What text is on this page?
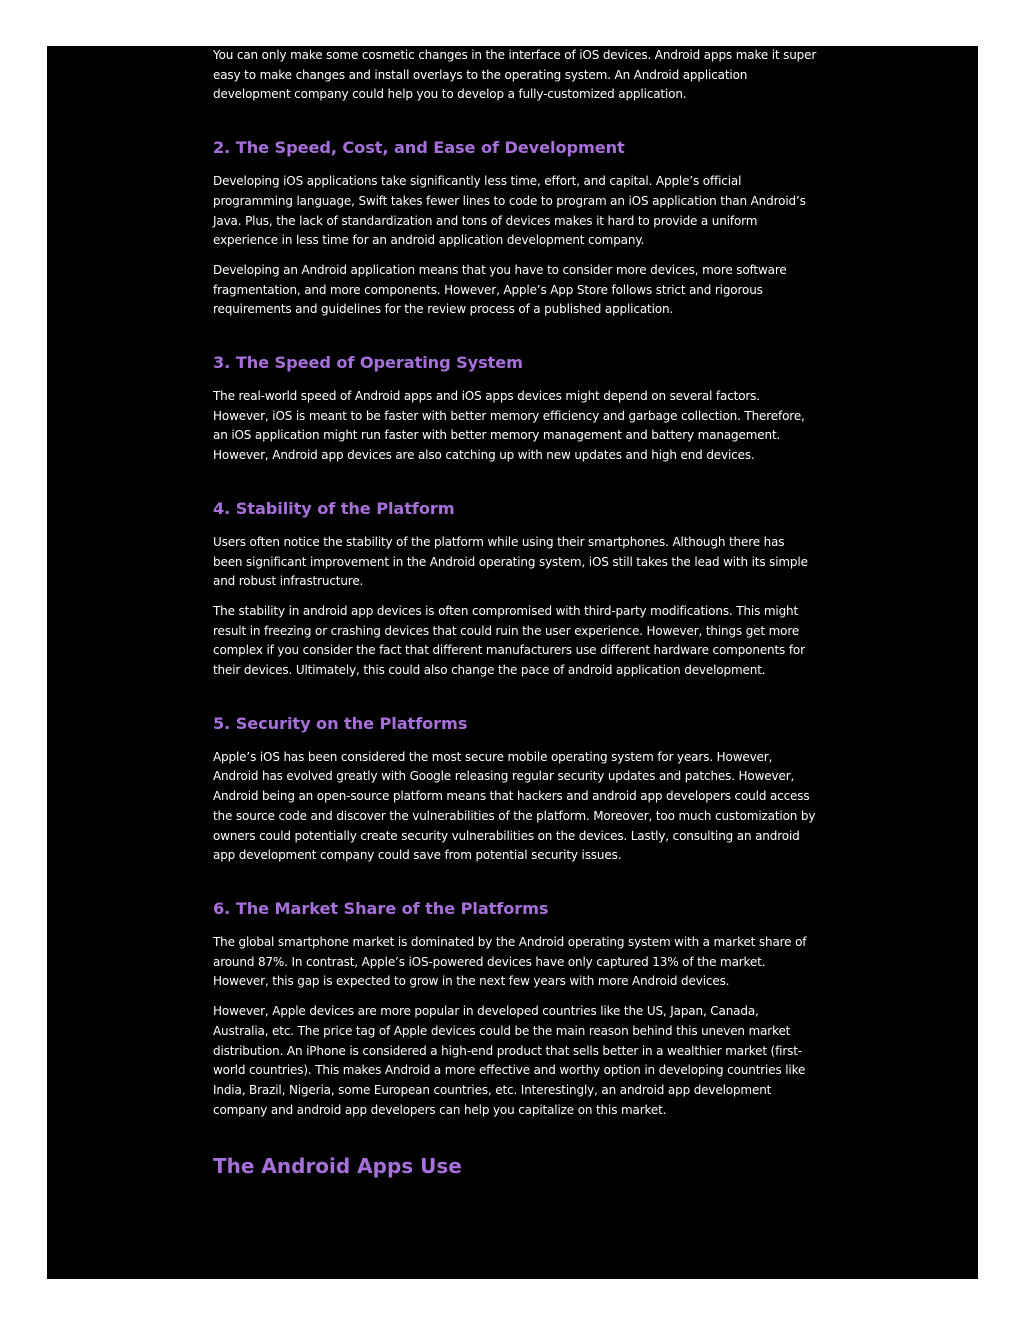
You can only make some cosmetic changes in the interface of iOS devices. Android apps make it super easy to make changes and install overlays to the operating system. An Android application development company could help you to develop a fully-customized application.

2. The Speed, Cost, and Ease of Development

Developing iOS applications take significantly less time, effort, and capital. Apple’s official programming language, Swift takes fewer lines to code to program an iOS application than Android’s Java. Plus, the lack of standardization and tons of devices makes it hard to provide a uniform experience in less time for an android application development company.

Developing an Android application means that you have to consider more devices, more software fragmentation, and more components. However, Apple’s App Store follows strict and rigorous requirements and guidelines for the review process of a published application.

3. The Speed of Operating System

The real-world speed of Android apps and iOS apps devices might depend on several factors. However, iOS is meant to be faster with better memory efficiency and garbage collection. Therefore, an iOS application might run faster with better memory management and battery management. However, Android app devices are also catching up with new updates and high end devices.

4. Stability of the Platform

Users often notice the stability of the platform while using their smartphones. Although there has been significant improvement in the Android operating system, iOS still takes the lead with its simple and robust infrastructure.

The stability in android app devices is often compromised with third-party modifications. This might result in freezing or crashing devices that could ruin the user experience. However, things get more complex if you consider the fact that different manufacturers use different hardware components for their devices. Ultimately, this could also change the pace of android application development.

5. Security on the Platforms

Apple’s iOS has been considered the most secure mobile operating system for years. However, Android has evolved greatly with Google releasing regular security updates and patches. However, Android being an open-source platform means that hackers and android app developers could access the source code and discover the vulnerabilities of the platform. Moreover, too much customization by owners could potentially create security vulnerabilities on the devices. Lastly, consulting an android app development company could save from potential security issues.

6. The Market Share of the Platforms

The global smartphone market is dominated by the Android operating system with a market share of around 87%. In contrast, Apple’s iOS-powered devices have only captured 13% of the market. However, this gap is expected to grow in the next few years with more Android devices.

However, Apple devices are more popular in developed countries like the US, Japan, Canada, Australia, etc. The price tag of Apple devices could be the main reason behind this uneven market distribution. An iPhone is considered a high-end product that sells better in a wealthier market (first-world countries). This makes Android a more effective and worthy option in developing countries like India, Brazil, Nigeria, some European countries, etc. Interestingly, an android app development company and android app developers can help you capitalize on this market.

The Android Apps Use
